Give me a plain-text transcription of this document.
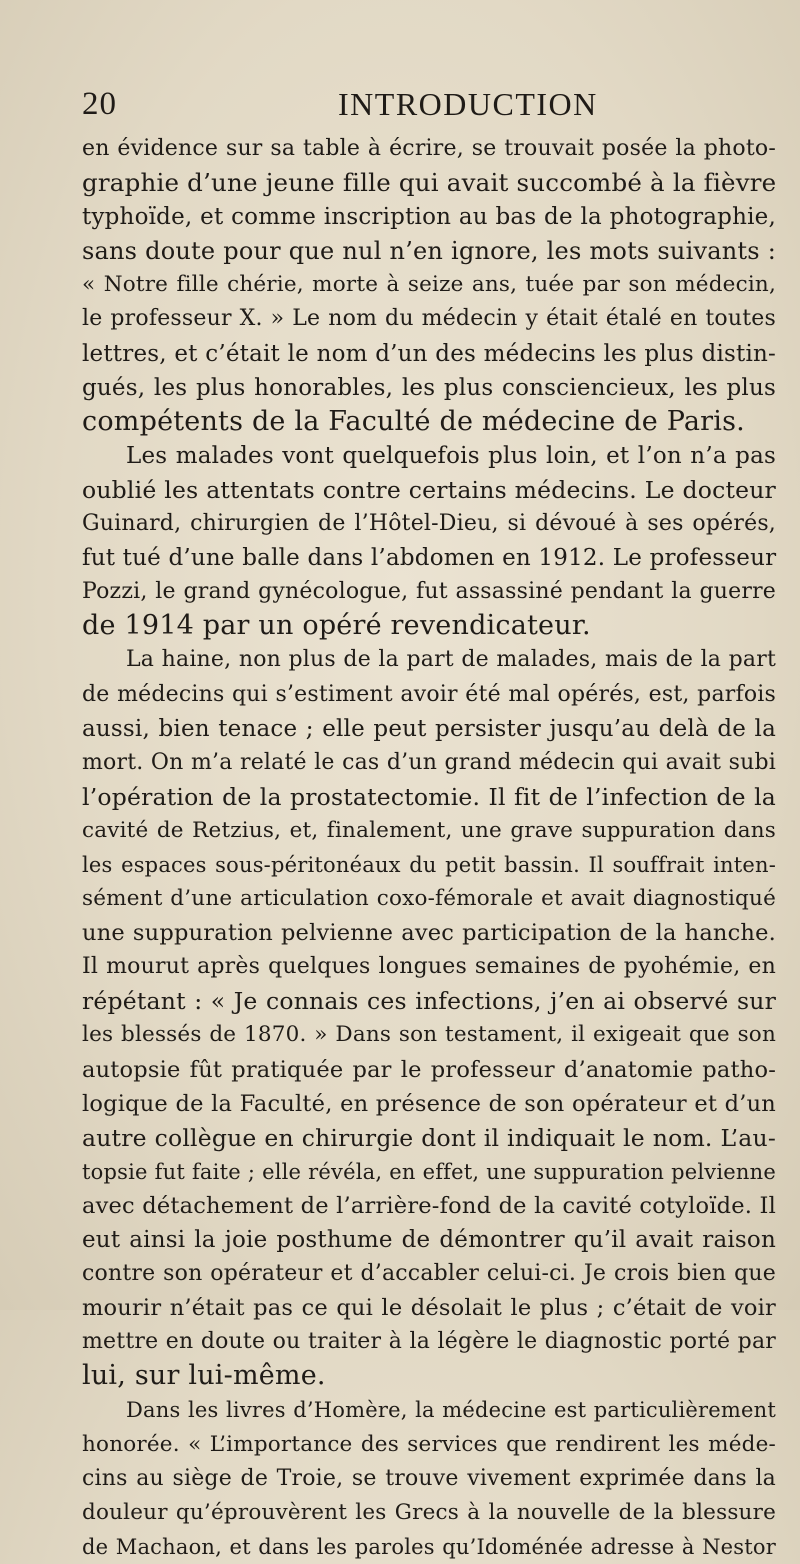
20	INTRODUCTION
en évidence sur sa table à écrire, se trouvait posée la photo-
graphie d’une jeune fille qui avait succombé à la fièvre
typhoïde, et comme inscription au bas de la photographie,
sans doute pour que nul n’en ignore, les mots suivants :
« Notre fille chérie, morte à seize ans, tuée par son médecin,
le professeur X. » Le nom du médecin y était étalé en toutes
lettres, et c’était le nom d’un des médecins les plus distin-
gués, les plus honorables, les plus consciencieux, les plus
compétents de la Faculté de médecine de Paris.
Les malades vont quelquefois plus loin, et l’on n’a pas
oublié les attentats contre certains médecins. Le docteur
Guinard, chirurgien de l’Hôtel-Dieu, si dévoué à ses opérés,
fut tué d’une balle dans l’abdomen en 1912. Le professeur
Pozzi, le grand gynécologue, fut assassiné pendant la guerre
de 1914 par un opéré revendicateur.
La haine, non plus de la part de malades, mais de la part
de médecins qui s’estiment avoir été mal opérés, est, parfois
aussi, bien tenace ; elle peut persister jusqu’au delà de la
mort. On m’a relaté le cas d’un grand médecin qui avait subi
l’opération de la prostatectomie. Il fit de l’infection de la
cavité de Retzius, et, finalement, une grave suppuration dans
les espaces sous-péritonéaux du petit bassin. Il souffrait inten-
sément d’une articulation coxo-fémorale et avait diagnostiqué
une suppuration pelvienne avec participation de la hanche.
Il mourut après quelques longues semaines de pyohémie, en
répétant : « Je connais ces infections, j’en ai observé sur
les blessés de 1870. » Dans son testament, il exigeait que son
autopsie fût pratiquée par le professeur d’anatomie patho-
logique de la Faculté, en présence de son opérateur et d’un
autre collègue en chirurgie dont il indiquait le nom. L’au-
topsie fut faite ; elle révéla, en effet, une suppuration pelvienne
avec détachement de l’arrière-fond de la cavité cotyloïde. Il
eut ainsi la joie posthume de démontrer qu’il avait raison
contre son opérateur et d’accabler celui-ci. Je crois bien que
mourir n’était pas ce qui le désolait le plus ; c’était de voir
mettre en doute ou traiter à la légère le diagnostic porté par
lui, sur lui-même.
Dans les livres d’Homère, la médecine est particulièrement
honorée. « L’importance des services que rendirent les méde-
cins au siège de Troie, se trouve vivement exprimée dans la
douleur qu’éprouvèrent les Grecs à la nouvelle de la blessure
de Machaon, et dans les paroles qu’Idoménée adresse à Nestor
